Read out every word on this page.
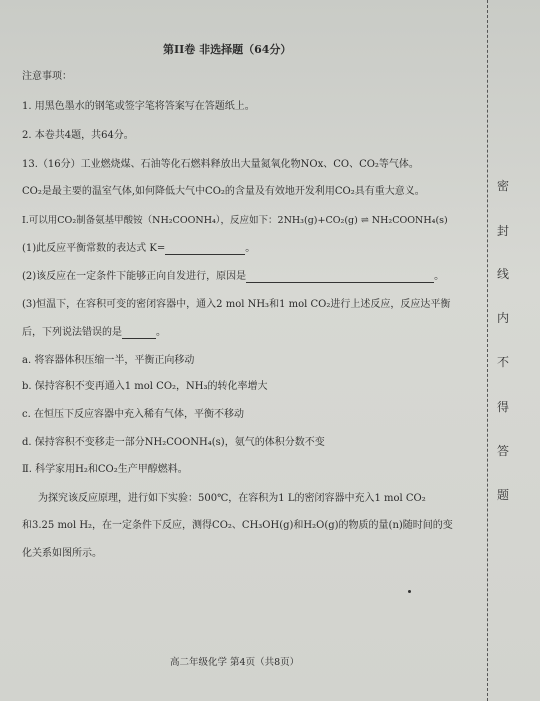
第II卷 非选择题（64分）
注意事项：
1. 用黑色墨水的钢笔或签字笔将答案写在答题纸上。
2. 本卷共4题，共64分。
13.（16分）工业燃烧煤、石油等化石燃料释放出大量氮氧化物NOx、CO、CO₂等气体。
CO₂是最主要的温室气体,如何降低大气中CO₂的含量及有效地开发利用CO₂具有重大意义。
Ⅰ.可以用CO₂制备氨基甲酸铵（NH₂COONH₄），反应如下：2NH₃(g)+CO₂(g) ⇌ NH₂COONH₄(s)
(1)此反应平衡常数的表达式 K=	。
(2)该反应在一定条件下能够正向自发进行，原因是	。
(3)恒温下，在容积可变的密闭容器中，通入2 mol NH₃和1 mol CO₂进行上述反应，反应达平衡
后，下列说法错误的是	。
a. 将容器体积压缩一半，平衡正向移动
b. 保持容积不变再通入1 mol CO₂，NH₃的转化率增大
c. 在恒压下反应容器中充入稀有气体，平衡不移动
d. 保持容积不变移走一部分NH₂COONH₄(s)，氨气的体积分数不变
Ⅱ. 科学家用H₂和CO₂生产甲醇燃料。
为探究该反应原理，进行如下实验：500℃，在容积为1 L的密闭容器中充入1 mol CO₂
和3.25 mol H₂，在一定条件下反应，测得CO₂、CH₃OH(g)和H₂O(g)的物质的量(n)随时间的变
化关系如图所示。
高二年级化学 第4页（共8页）
密
封
线
内
不
得
答
题
